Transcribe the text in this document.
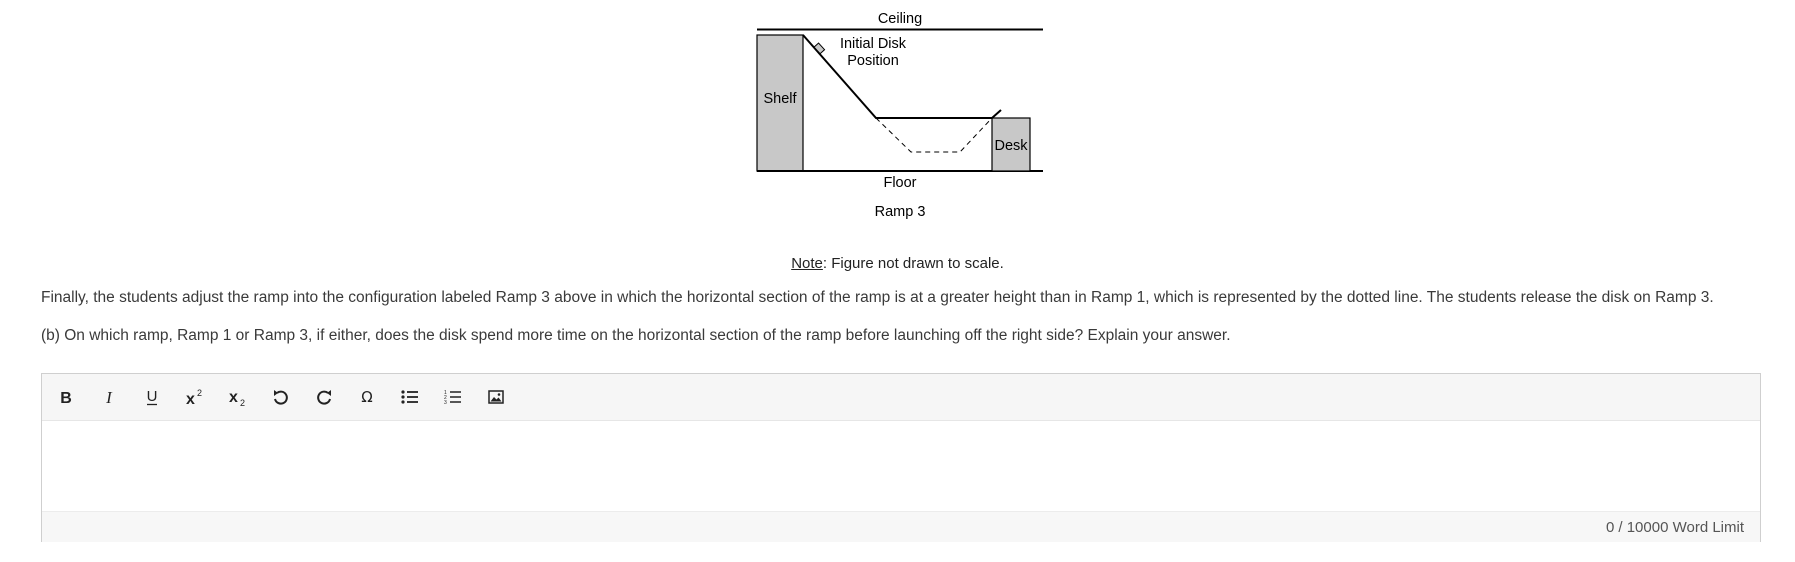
Ceiling
Shelf
Floor
Desk
Initial Disk
Position
Ramp 3
Note: Figure not drawn to scale.
Finally, the students adjust the ramp into the configuration labeled Ramp 3 above in which the horizontal section of the ramp is at a greater height than in Ramp 1, which is represented by the dotted line. The students release the disk on Ramp 3.
(b) On which ramp, Ramp 1 or Ramp 3, if either, does the disk spend more time on the horizontal section of the ramp before launching off the right side? Explain your answer.
B I U x 2 x 2	Ω	1
2
3
0 / 10000 Word Limit
